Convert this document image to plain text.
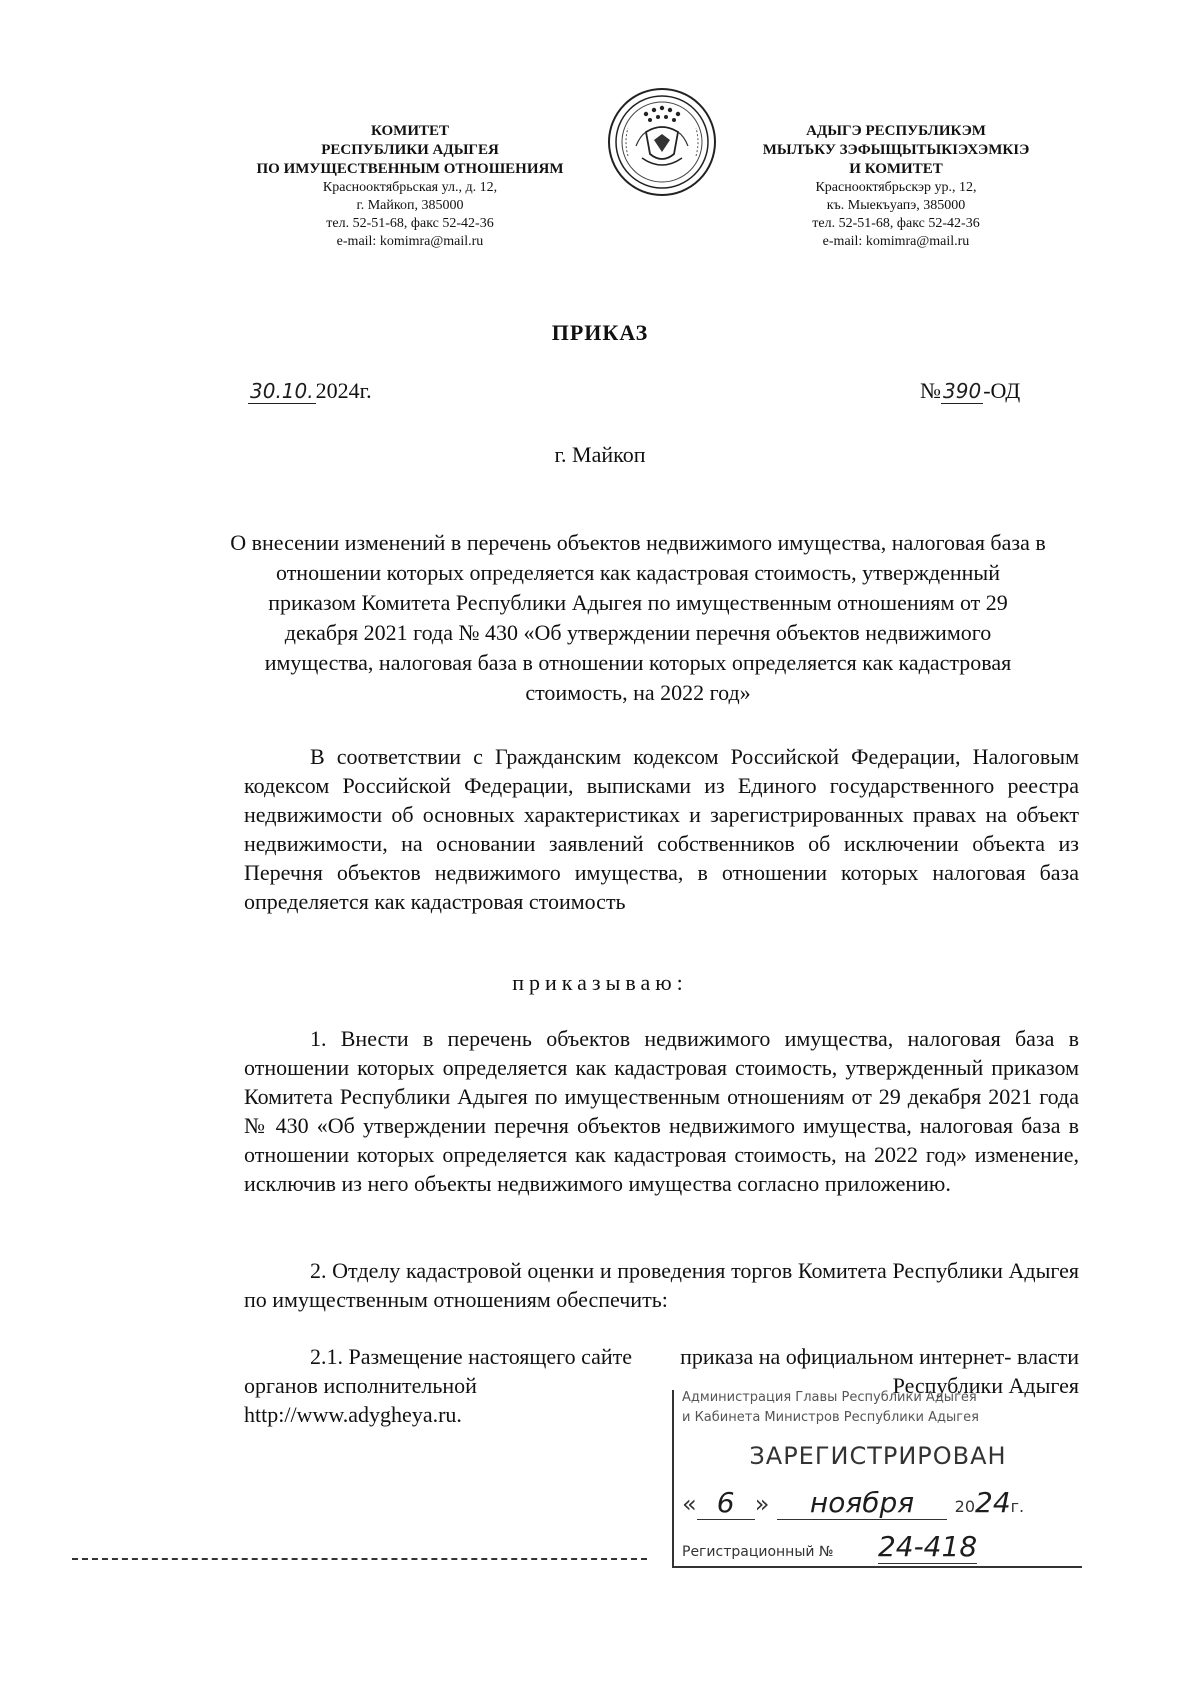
КОМИТЕТ
РЕСПУБЛИКИ АДЫГЕЯ
ПО ИМУЩЕСТВЕННЫМ ОТНОШЕНИЯМ
Краснооктябрьская ул., д. 12,
г. Майкоп, 385000
тел. 52-51-68, факс 52-42-36
e-mail: komimra@mail.ru
АДЫГЭ РЕСПУБЛИКЭМ
МЫЛЪКУ ЗЭФЫЩЫТЫКІЭХЭМКІЭ
И КОМИТЕТ
Краснооктябрьскэр ур., 12,
къ. Мыекъуапэ, 385000
тел. 52-51-68, факс 52-42-36
e-mail: komimra@mail.ru
ПРИКАЗ
30.10.2024г.	№ 390-ОД
г. Майкоп
О внесении изменений в перечень объектов недвижимого имущества, налоговая база в отношении которых определяется как кадастровая стоимость, утвержденный приказом Комитета Республики Адыгея по имущественным отношениям от 29 декабря 2021 года № 430 «Об утверждении перечня объектов недвижимого имущества, налоговая база в отношении которых определяется как кадастровая стоимость, на 2022 год»
В соответствии с Гражданским кодексом Российской Федерации, Налоговым кодексом Российской Федерации, выписками из Единого государственного реестра недвижимости об основных характеристиках и зарегистрированных правах на объект недвижимости, на основании заявлений собственников об исключении объекта из Перечня объектов недвижимого имущества, в отношении которых налоговая база определяется как кадастровая стоимость
приказываю:
1. Внести в перечень объектов недвижимого имущества, налоговая база в отношении которых определяется как кадастровая стоимость, утвержденный приказом Комитета Республики Адыгея по имущественным отношениям от 29 декабря 2021 года № 430 «Об утверждении перечня объектов недвижимого имущества, налоговая база в отношении которых определяется как кадастровая стоимость, на 2022 год» изменение, исключив из него объекты недвижимого имущества согласно приложению.
2. Отделу кадастровой оценки и проведения торгов Комитета Республики Адыгея по имущественным отношениям обеспечить:
2.1. Размещение настоящего сайте органов исполнительной http://www.adygheya.ru.
приказа на официальном интернет- власти Республики Адыгея
Администрация Главы Республики Адыгея
и Кабинета Министров Республики Адыгея
ЗАРЕГИСТРИРОВАН
« 6 » ноября	2024г.
Регистрационный № 24-418
